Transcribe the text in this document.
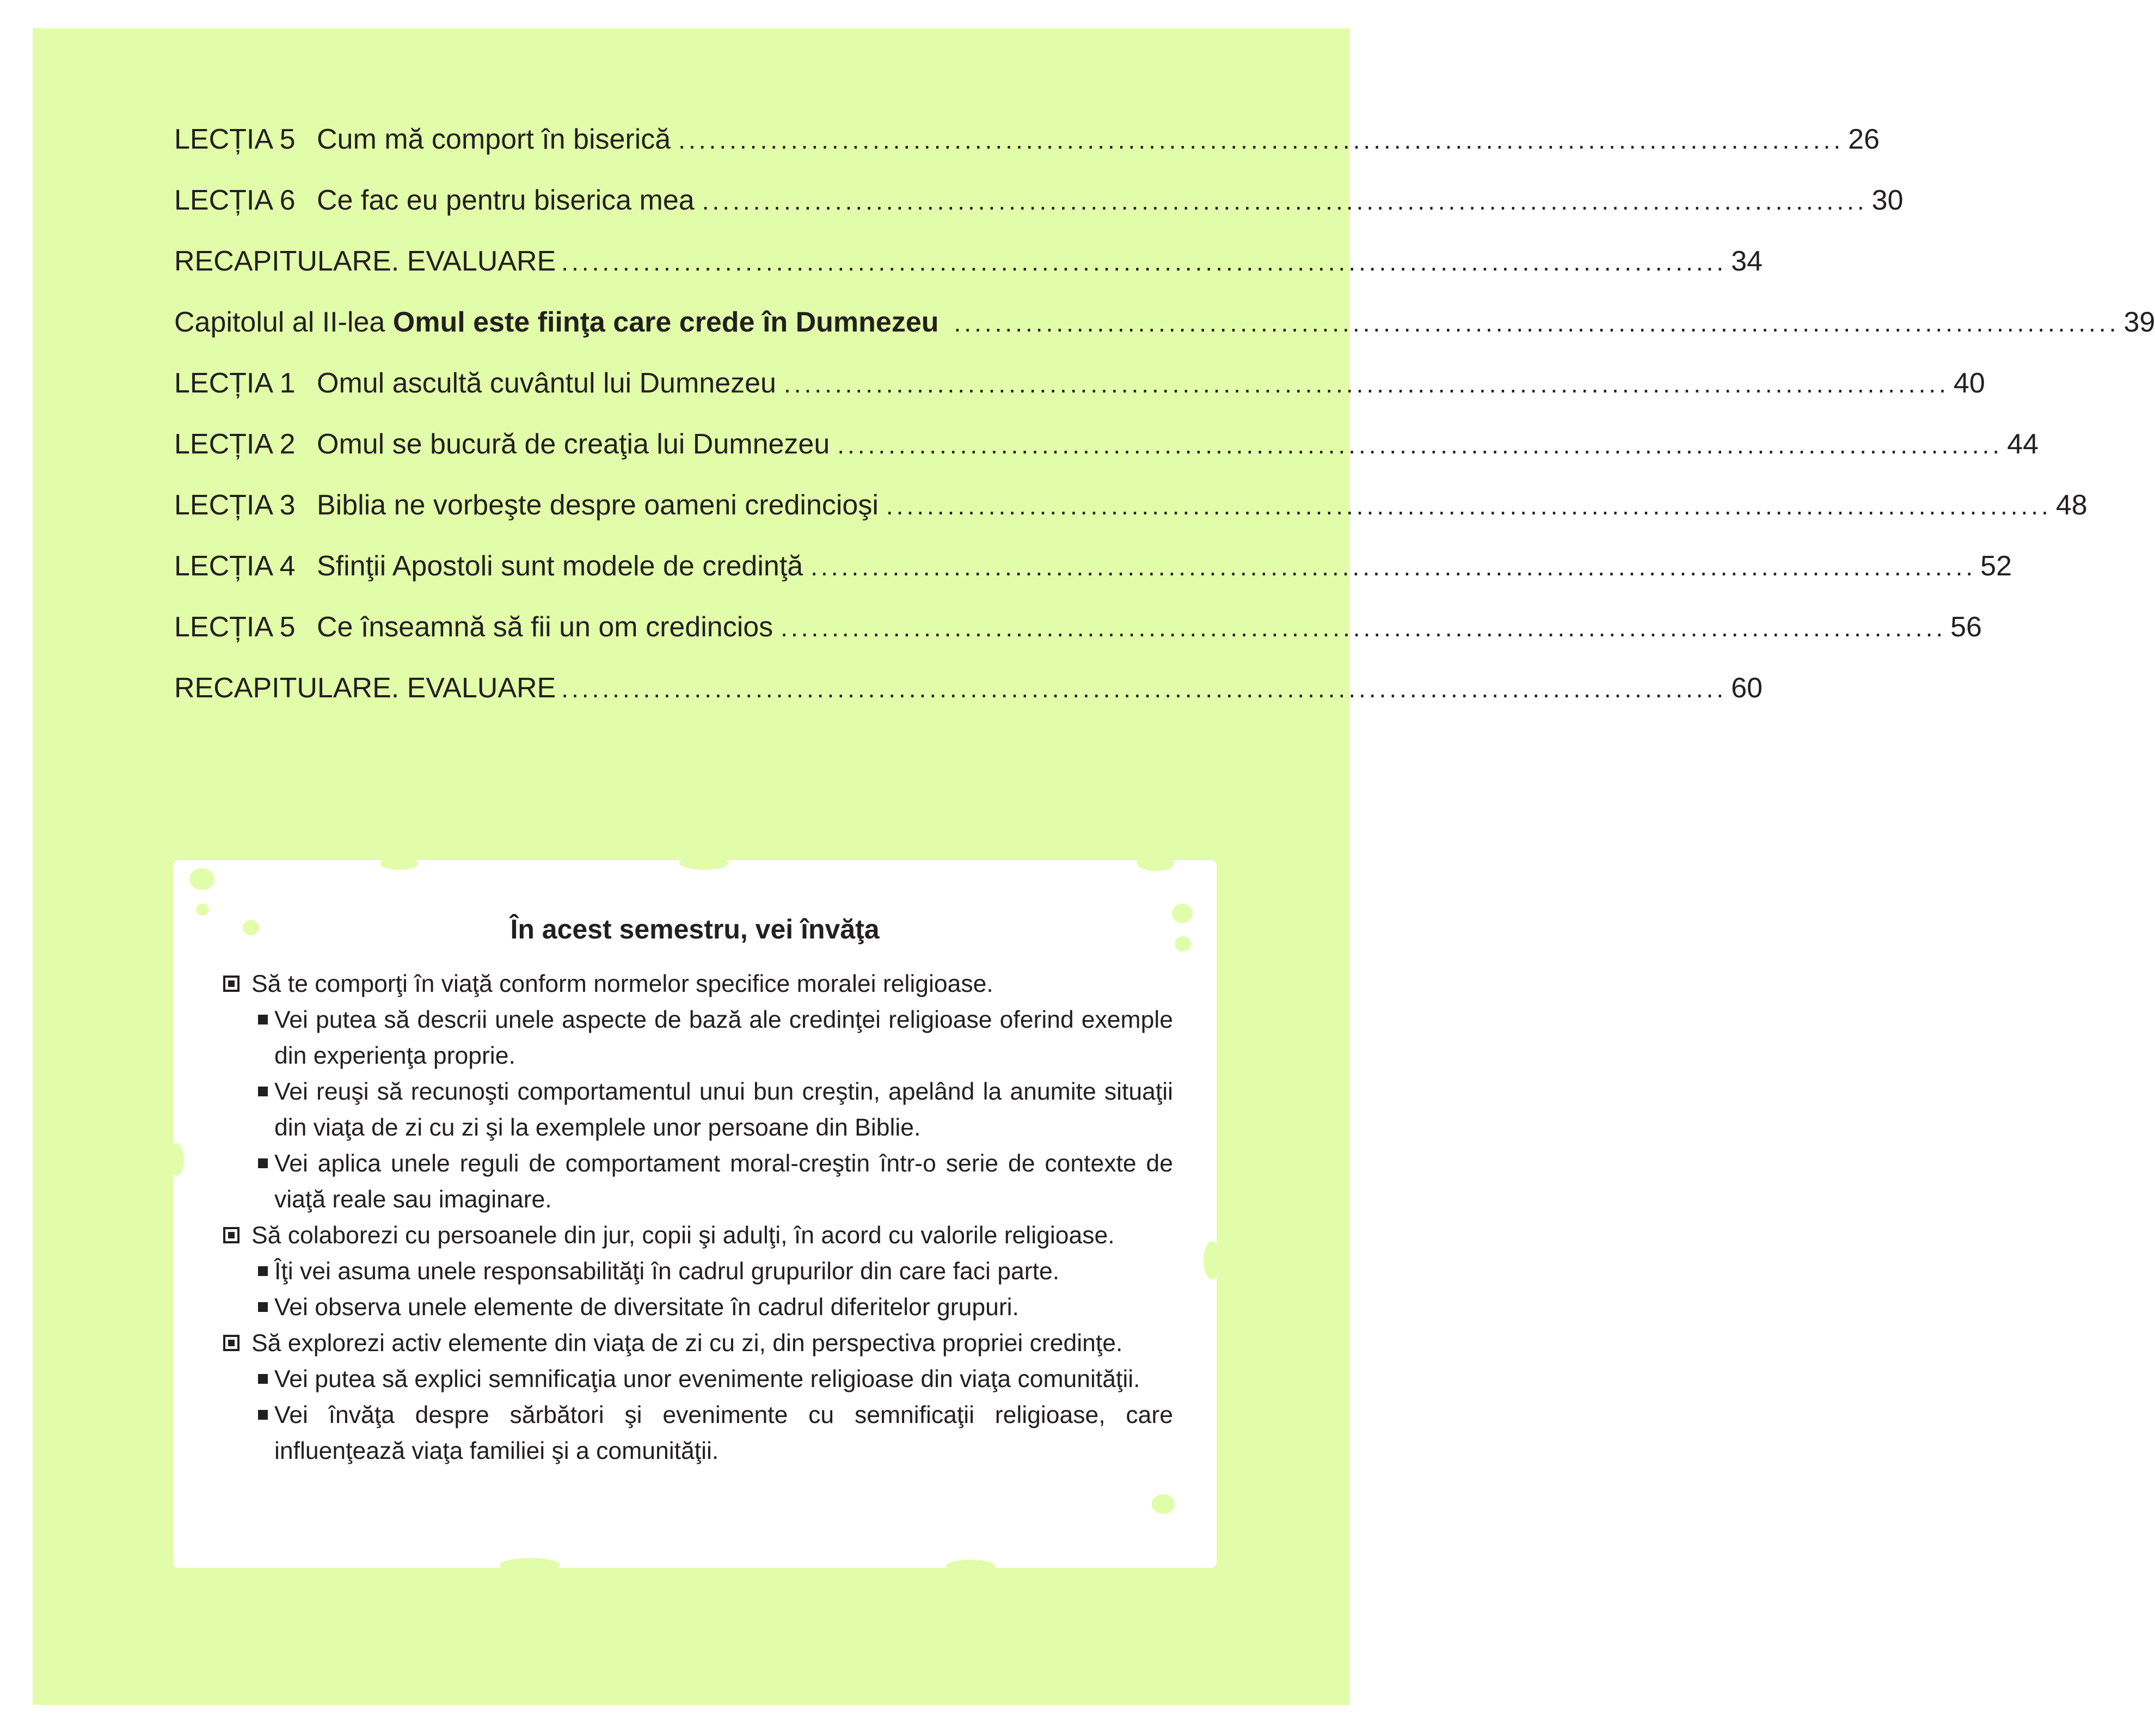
LECȚIA 5 Cum mă comport în biserică .................................................................................................................. 26
LECȚIA 6 Ce fac eu pentru biserica mea .................................................................................................................. 30
RECAPITULARE. EVALUARE .................................................................................................................. 34
Capitolul al II-lea Omul este fiinţa care crede în Dumnezeu .................................................................................................................. 39
LECȚIA 1 Omul ascultă cuvântul lui Dumnezeu .................................................................................................................. 40
LECȚIA 2 Omul se bucură de creaţia lui Dumnezeu .................................................................................................................. 44
LECȚIA 3 Biblia ne vorbeşte despre oameni credincioşi .................................................................................................................. 48
LECȚIA 4 Sfinţii Apostoli sunt modele de credinţă .................................................................................................................. 52
LECȚIA 5 Ce înseamnă să fii un om credincios .................................................................................................................. 56
RECAPITULARE. EVALUARE .................................................................................................................. 60
În acest semestru, vei învăţa
Să te comporţi în viaţă conform normelor specifice moralei religioase.
Vei putea să descrii unele aspecte de bază ale credinţei religioase oferind exemple din experienţa proprie.
Vei reuşi să recunoşti comportamentul unui bun creştin, apelând la anumite situaţii din viaţa de zi cu zi şi la exemplele unor persoane din Biblie.
Vei aplica unele reguli de comportament moral-creştin într-o serie de contexte de viaţă reale sau imaginare.
Să colaborezi cu persoanele din jur, copii şi adulţi, în acord cu valorile religioase.
Îţi vei asuma unele responsabilităţi în cadrul grupurilor din care faci parte.
Vei observa unele elemente de diversitate în cadrul diferitelor grupuri.
Să explorezi activ elemente din viaţa de zi cu zi, din perspectiva propriei credinţe.
Vei putea să explici semnificaţia unor evenimente religioase din viaţa comunităţii.
Vei învăţa despre sărbători şi evenimente cu semnificaţii religioase, care influenţează viaţa familiei şi a comunităţii.
